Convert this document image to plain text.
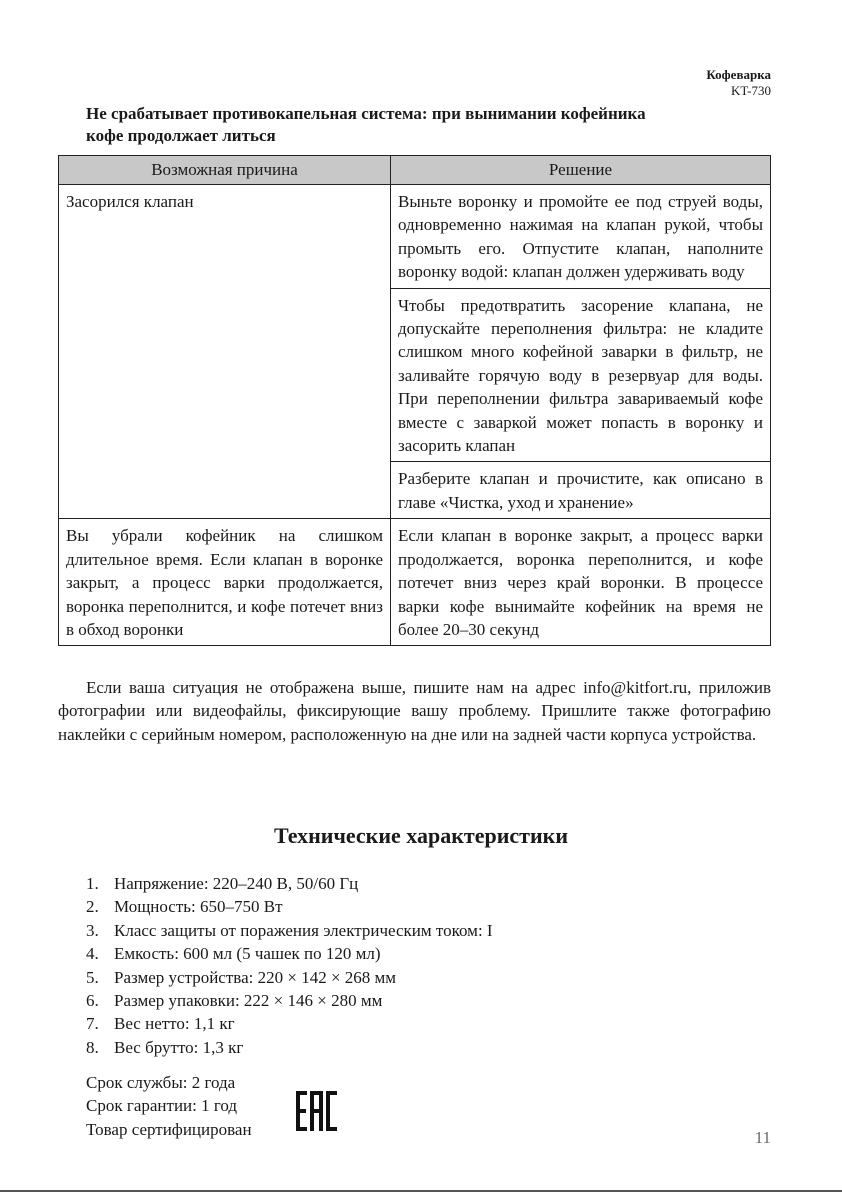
Кофеварка
KT-730
Не срабатывает противокапельная система: при вынимании кофейника кофе продолжает литься
Возможная причина	Решение
Засорился клапан	Выньте воронку и промойте ее под струей воды, одновременно нажимая на клапан рукой, чтобы промыть его. Отпустите клапан, наполните воронку водой: клапан должен удерживать воду
	Чтобы предотвратить засорение клапана, не допускайте переполнения фильтра: не кладите слишком много кофейной заварки в фильтр, не заливайте горячую воду в резервуар для воды. При переполнении фильтра завариваемый кофе вместе с заваркой может попасть в воронку и засорить клапан
	Разберите клапан и прочистите, как описано в главе «Чистка, уход и хранение»
Вы убрали кофейник на слишком длительное время. Если клапан в воронке закрыт, а процесс варки продолжается, воронка переполнится, и кофе потечет вниз в обход воронки	Если клапан в воронке закрыт, а процесс варки продолжается, воронка переполнится, и кофе потечет вниз через край воронки. В процессе варки кофе вынимайте кофейник на время не более 20–30 секунд

Если ваша ситуация не отображена выше, пишите нам на адрес info@kitfort.ru, приложив фотографии или видеофайлы, фиксирующие вашу проблему. Пришлите также фотографию наклейки с серийным номером, расположенную на дне или на задней части корпуса устройства.

Технические характеристики
1. Напряжение: 220–240 В, 50/60 Гц
2. Мощность: 650–750 Вт
3. Класс защиты от поражения электрическим током: I
4. Емкость: 600 мл (5 чашек по 120 мл)
5. Размер устройства: 220 × 142 × 268 мм
6. Размер упаковки: 222 × 146 × 280 мм
7. Вес нетто: 1,1 кг
8. Вес брутто: 1,3 кг
Срок службы: 2 года
Срок гарантии: 1 год
Товар сертифицирован	11
